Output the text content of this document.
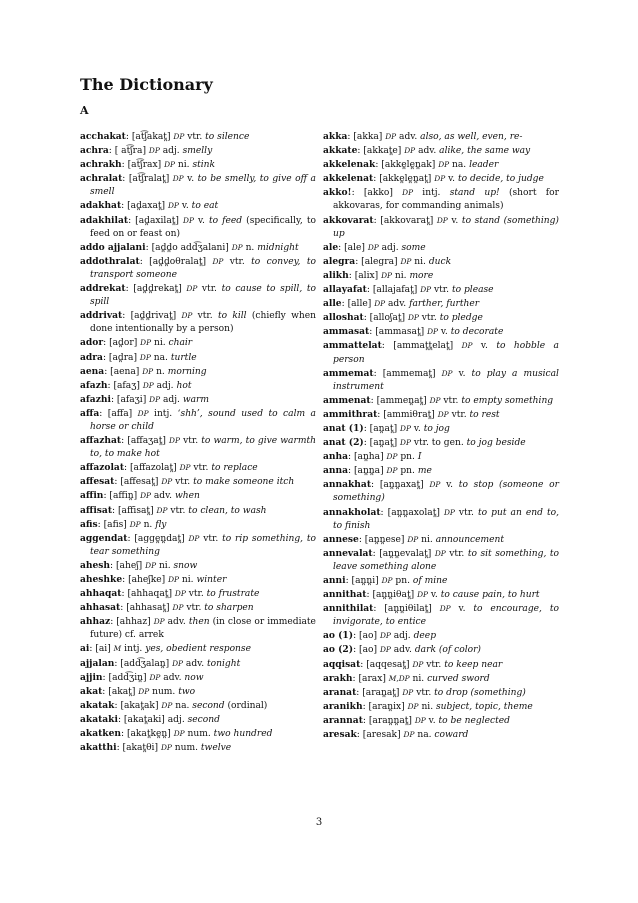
The Dictionary
A
acchakat: [at͡ʃakat̪] DP vtr. to silence
achra: [ at͡ʃra] DP adj. smelly
achrakh: [at͡ʃrax] DP ni. stink
achralat: [at͡ʃralat̪] DP v. to be smelly, to give off a smell
adakhat: [ad̪axat̪] DP v. to eat
adakhilat: [ad̪axilat̪] DP v. to feed (specifically, to feed on or feast on)
addo ajjalani: [ad̪d̪o add͡ʒalani] DP n. midnight
addothralat: [ad̪d̪oθralat̪] DP vtr. to convey, to transport someone
addrekat: [ad̪d̪rekat̪] DP vtr. to cause to spill, to spill
addrivat: [ad̪d̪rivat̪] DP vtr. to kill (chiefly when done intentionally by a person)
ador: [ad̪or] DP ni. chair
adra: [ad̪ra] DP na. turtle
aena: [aena] DP n. morning
afazh: [afaʒ] DP adj. hot
afazhi: [afaʒi] DP adj. warm
affa: [affa] DP intj. ‘shh’, sound used to calm a horse or child
affazhat: [affaʒat̪] DP vtr. to warm, to give warmth to, to make hot
affazolat: [affazolat̪] DP vtr. to replace
affesat: [affesat̪] DP vtr. to make someone itch
affin: [affin̪] DP adv. when
affisat: [affisat̪] DP vtr. to clean, to wash
afis: [afis] DP n. fly
aggendat: [agge̪n̪dat̪] DP vtr. to rip something, to tear something
ahesh: [aheʃ] DP ni. snow
aheshke: [aheʃke] DP ni. winter
ahhaqat: [ahhaqat̪] DP vtr. to frustrate
ahhasat: [ahhasat̪] DP vtr. to sharpen
ahhaz: [ahhaz] DP adv. then (in close or immediate future) cf. arrek
ai: [ai] M intj. yes, obedient response
ajjalan: [add͡ʒalan̪] DP adv. tonight
ajjin: [add͡ʒin̪] DP adv. now
akat: [akat̪] DP num. two
akatak: [akat̪ak] DP na. second (ordinal)
akataki: [akat̪aki] adj. second
akatken: [akat̪ke̪n̪] DP num. two hundred
akatthi: [akat̪θi] DP num. twelve
akka: [akka] DP adv. also, as well, even, re-
akkate: [akkat̪e] DP adv. alike, the same way
akkelenak: [akke̪le̪n̪ak] DP na. leader
akkelenat: [akke̪le̪n̪at̪] DP v. to decide, to judge
akko!: [akko] DP intj. stand up! (short for akkovaras, for commanding animals)
akkovarat: [akkovarat̪] DP v. to stand (something) up
ale: [ale] DP adj. some
alegra: [alegra] DP ni. duck
alikh: [alix] DP ni. more
allayafat: [allajafat̪] DP vtr. to please
alle: [alle] DP adv. farther, further
alloshat: [alloʃat̪] DP vtr. to pledge
ammasat: [ammasat̪] DP v. to decorate
ammattelat: [ammat̪t̪elat̪] DP v. to hobble a person
ammemat: [ammemat̪] DP v. to play a musical instrument
ammenat: [ammen̪at̪] DP vtr. to empty something
ammithrat: [ammiθrat̪] DP vtr. to rest
anat (1): [an̪at̪] DP v. to jog
anat (2): [an̪at̪] DP vtr. to gen. to jog beside
anha: [an̪ha] DP pn. I
anna: [an̪n̪a] DP pn. me
annakhat: [an̪n̪axat̪] DP v. to stop (someone or something)
annakholat: [an̪n̪axolat̪] DP vtr. to put an end to, to finish
annese: [an̪n̪ese] DP ni. announcement
annevalat: [an̪n̪evalat̪] DP vtr. to sit something, to leave something alone
anni: [an̪n̪i] DP pn. of mine
annithat: [an̪n̪iθat̪] DP v. to cause pain, to hurt
annithilat: [an̪n̪iθilat̪] DP v. to encourage, to invigorate, to entice
ao (1): [ao] DP adj. deep
ao (2): [ao] DP adv. dark (of color)
aqqisat: [aqqesat̪] DP vtr. to keep near
arakh: [arax] M,DP ni. curved sword
aranat: [aran̪at̪] DP vtr. to drop (something)
aranikh: [aran̪ix] DP ni. subject, topic, theme
arannat: [aran̪n̪at̪] DP v. to be neglected
aresak: [aresak] DP na. coward
3
